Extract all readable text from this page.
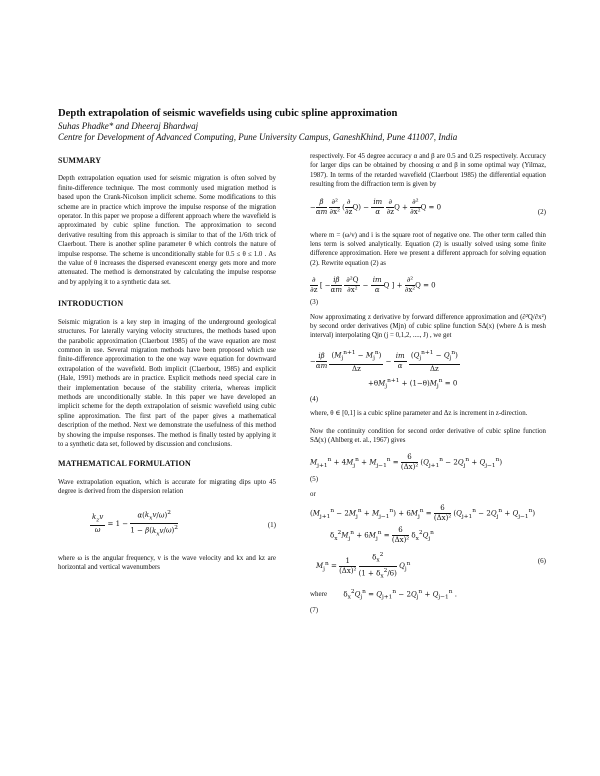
Depth extrapolation of seismic wavefields using cubic spline approximation
Suhas Phadke* and Dheeraj Bhardwaj
Centre for Development of Advanced Computing, Pune University Campus, GaneshKhind, Pune 411007, India
SUMMARY

Depth extrapolation equation used for seismic migration is often solved by finite-difference technique. The most commonly used migration method is based upon the Crank-Nicolson implicit scheme. Some modifications to this scheme are in practice which improve the impulse response of the migration operator. In this paper we propose a different approach where the wavefield is approximated by cubic spline function. The approximation to second derivative resulting from this approach is similar to that of the 1/6th trick of Claerbout. There is another spline parameter θ which controls the nature of impulse response. The scheme is unconditionally stable for 0.5 ≤ θ ≤ 1.0 . As the value of θ increases the dispersed evanescent energy gets more and more attenuated. The method is demonstrated by calculating the impulse response and by applying it to a synthetic data set.

INTRODUCTION

Seismic migration is a key step in imaging of the underground geological structures. For laterally varying velocity structures, the methods based upon the parabolic approximation (Claerbout 1985) of the wave equation are most common in use. Several migration methods have been proposed which use finite-difference approximation to the one way wave equation for downward extrapolation of the wavefield. Both implicit (Claerbout, 1985) and explicit (Hale, 1991) methods are in practice. Explicit methods need special care in their implementation because of the stability criteria, whereas implicit methods are unconditionally stable. In this paper we have developed an implicit scheme for the depth extrapolation of seismic wavefield using cubic spline approximation. The first part of the paper gives a mathematical description of the method. Next we demonstrate the usefulness of this method by showing the impulse responses. The method is finally tested by applying it to a synthetic data set, followed by discussion and conclusions.

MATHEMATICAL FORMULATION

Wave extrapolation equation, which is accurate for migrating dips upto 45 degree is derived from the dispersion relation

$\frac{k_zv}{\omega} = 1 - \frac{\alpha(k_xv/\omega)^2}{1 - \beta(k_xv/\omega)^2}$	(1)

where ω is the angular frequency, v is the wave velocity and kx and kz are horizontal and vertical wavenumbers

respectively. For 45 degree accuracy α and β are 0.5 and 0.25 respectively. Accuracy for larger dips can be obtained by choosing α and β in some optimal way (Yilmaz, 1987). In terms of the retarded wavefield (Claerbout 1985) the differential equation resulting from the diffraction term is given by

− $\frac{\beta}{\alpha m}$
$\frac{\text{∂²}}{\text{∂x²}}$ ( $\frac{\partial}{\partial z} Q) - \frac{im}{\alpha}$
$\frac{\partial}{\partial z}$ $Q + \frac{\text{∂²}}{\text{∂x²}}$ Q = 0
(2)

where m = (ω/v) and i is the square root of negative one. The other term called thin lens term is solved analytically. Equation (2) is usually solved using some finite difference approximation. Here we present a different approach for solving equation (2). Rewrite equation (2) as

$\frac{\partial}{\partial z}$ [ − $\frac{i\beta}{\alpha m}$
$\frac{\text{∂²Q}}{\text{∂x²}} - \frac{im}{\alpha}$ Q ] + $\frac{\text{∂²}}{\text{∂x²}}$ Q = 0
(3)

Now approximating z derivative by forward difference approximation and (∂²Q/∂x²) by second order derivatives (Mjn) of cubic spline function SΔ(x) (where Δ is mesh interval) interpolating Qjn (j = 0,1,2, ...., J) , we get

− $\frac{i\beta}{\alpha m}$
$\frac{(M_j^{n+1} - M_j^n)}{\Delta z} - \frac{im}{\alpha}$
$\frac{(Q_j^{n+1} - Q_j^n)}{\Delta z}$
$+\theta M_j^{n+1} + (1-\theta)M_j^n = 0$
(4)

where, θ ∈ [0,1] is a cubic spline parameter and Δz is increment in z-direction.

Now the continuity condition for second order derivative of cubic spline function SΔ(x) (Ahlberg et. al., 1967) gives

$M_{j+1}^n + 4M_j^n + M_{j-1}^n = \frac{6}{\text{(Δx)²}} (Q_{j+1}^n - 2Q_j^n + Q_{j-1}^n)$
(5)
or
$(M_{j+1}^n - 2M_j^n + M_{j-1}^n) + 6M_j^n = \frac{6}{\text{(Δx)²}} (Q_{j+1}^n - 2Q_j^n + Q_{j-1}^n)$
$\delta_x^2M_j^n + 6M_j^n = \frac{6}{\text{(Δx)²}} \delta_x^2Q_j^n$
$M_j^n = \frac{1}{\text{(Δx)²}}$
$\frac{\delta_x^2}{(1 + \delta_x^2/6)} Q_j^n$	(6)
where $\delta_x^2Q_j^n = Q_{j+1}^n - 2Q_j^n + Q_{j-1}^n$ .
(7)
